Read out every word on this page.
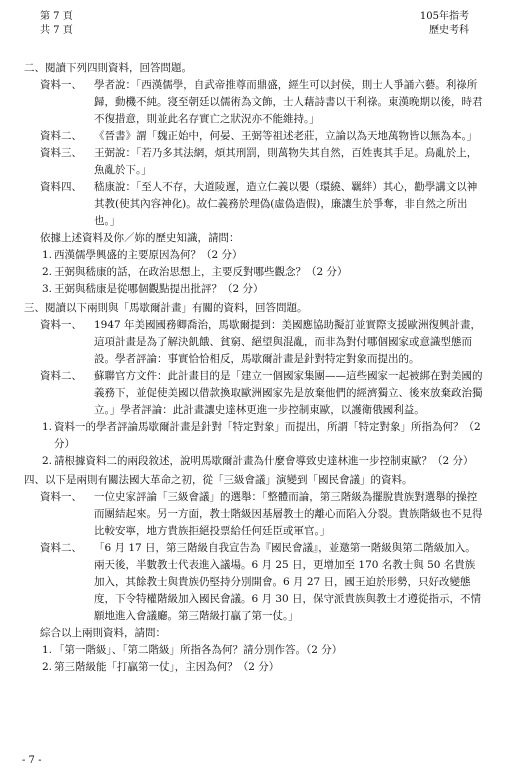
第 7 頁
共 7 頁
105年指考
歷史考科
二、閱讀下列四則資料，回答問題。
資料一、 學者說：「西漢儒學，自武帝推尊而鼎盛，經生可以封侯，則士人爭誦六藝。利祿所歸，動機不純。寖至朝廷以儒術為文飾，士人藉詩書以干利祿。東漢晚期以後，時君不復措意，則並此名存實亡之狀況亦不能維持。」
資料二、 《晉書》謂「魏正始中，何晏、王弼等祖述老莊，立論以為天地萬物皆以無為本。」
資料三、 王弼說：「若乃多其法網，煩其刑罰，則萬物失其自然，百姓喪其手足。鳥亂於上，魚亂於下。」
資料四、 嵇康說：「至人不存，大道陵遲，造立仁義以嬰（環繞、羈絆）其心，勸學講文以神其教(使其內容神化)。故仁義務於理偽(虛偽造假)，廉讓生於爭奪，非自然之所出也。」
依據上述資料及你／妳的歷史知識，請問：
1. 西漢儒學興盛的主要原因為何？（2 分）
2. 王弼與嵇康的話，在政治思想上，主要反對哪些觀念？（2 分）
3. 王弼與嵇康是從哪個觀點提出批評？（2 分）
三、閱讀以下兩則與「馬歇爾計畫」有關的資料，回答問題。
資料一、 1947 年美國國務卿喬治，馬歇爾提到：美國應協助擬訂並實際支援歐洲復興計畫，這項計畫是為了解決飢餓、貧窮、絕望與混亂，而非為對付哪個國家或意識型態而設。學者評論：事實恰恰相反，馬歇爾計畫是針對特定對象而提出的。
資料二、 蘇聯官方文件：此計畫目的是「建立一個國家集團——這些國家一起被綁在對美國的義務下，並促使美國以借款換取歐洲國家先是放棄他們的經濟獨立、後來放棄政治獨立。」學者評論：此計畫讓史達林更進一步控制東歐，以護衛俄國利益。
1. 資料一的學者評論馬歇爾計畫是針對「特定對象」而提出，所謂「特定對象」所指為何？（2 分）
2. 請根據資料二的兩段敘述，說明馬歇爾計畫為什麼會導致史達林進一步控制東歐？（2 分）
四、以下是兩則有關法國大革命之初，從「三級會議」演變到「國民會議」的資料。
資料一、 一位史家評論「三級會議」的選舉：「整體而論，第三階級為擺脫貴族對選舉的操控而團結起來。另一方面，教士階級因基層教士的離心而陷入分裂。貴族階級也不見得比較安寧，地方貴族拒絕投票給任何廷臣或軍官。」
資料二、 「6 月 17 日，第三階級自我宣告為『國民會議』，並邀第一階級與第二階級加入。兩天後，半數教士代表進入議場。6 月 25 日，更增加至 170 名教士與 50 名貴族加入，其餘教士與貴族仍堅持分別開會。6 月 27 日，國王迫於形勢，只好改變態度，下令特權階級加入國民會議。6 月 30 日，保守派貴族與教士才遵從指示，不情願地進入會議廳。第三階級打贏了第一仗。」
綜合以上兩則資料，請問：
1. 「第一階級」、「第二階級」所指各為何？請分別作答。（2 分）
2. 第三階級能「打贏第一仗」，主因為何？（2 分）
- 7 -
